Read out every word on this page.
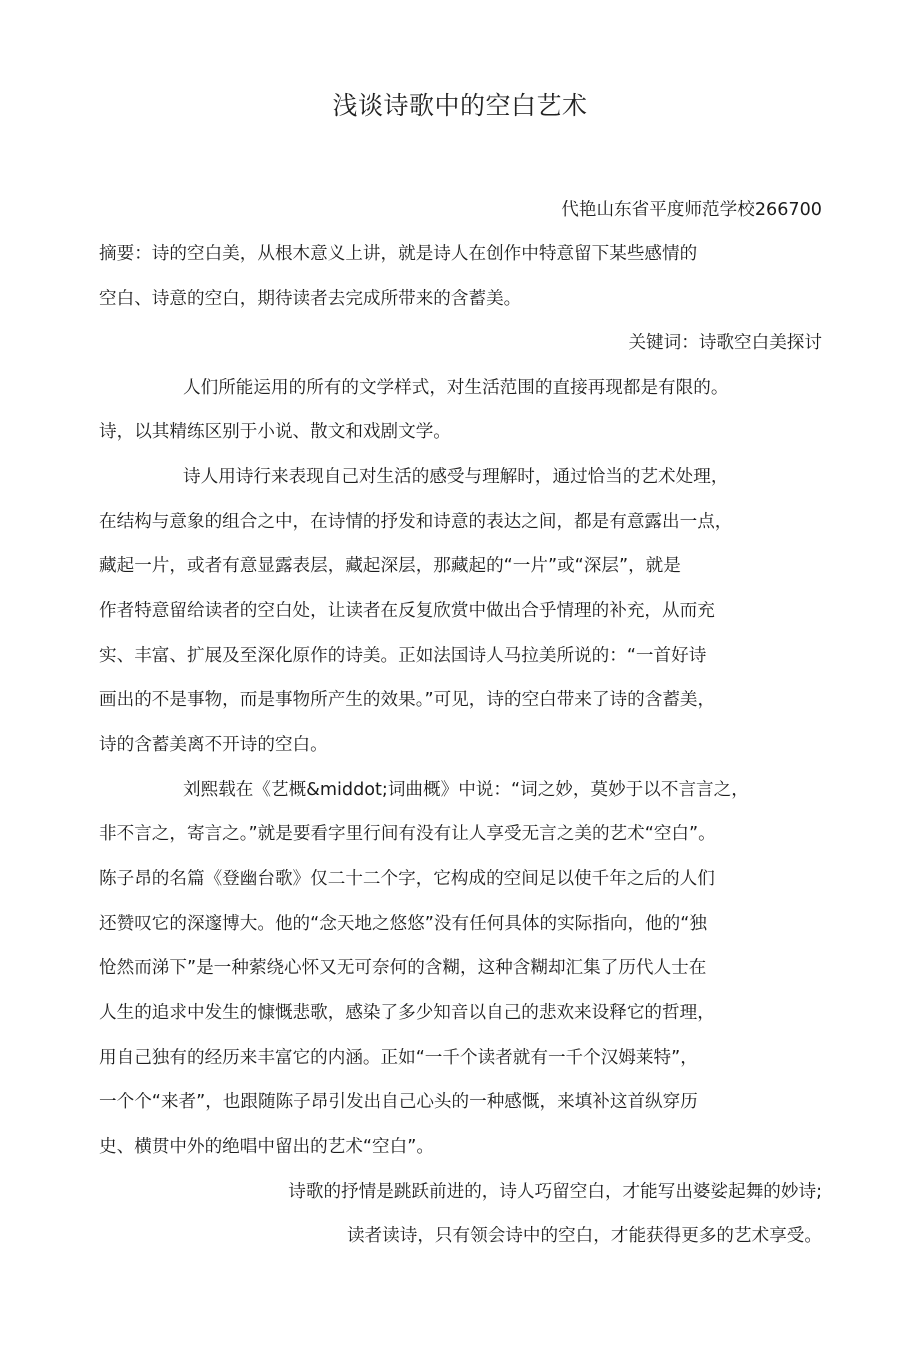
浅谈诗歌中的空白艺术
代艳山东省平度师范学校266700
摘要：诗的空白美，从根木意义上讲，就是诗人在创作中特意留下某些感情的
空白、诗意的空白，期待读者去完成所带来的含蓄美。
关键词：诗歌空白美探讨
人们所能运用的所有的文学样式，对生活范围的直接再现都是有限的。
诗，以其精练区别于小说、散文和戏剧文学。
诗人用诗行来表现自己对生活的感受与理解时，通过恰当的艺术处理，
在结构与意象的组合之中，在诗情的抒发和诗意的表达之间，都是有意露出一点，
藏起一片，或者有意显露表层，藏起深层，那藏起的“一片”或“深层”，就是
作者特意留给读者的空白处，让读者在反复欣赏中做出合乎情理的补充，从而充
实、丰富、扩展及至深化原作的诗美。正如法国诗人马拉美所说的：“一首好诗
画出的不是事物，而是事物所产生的效果。”可见，诗的空白带来了诗的含蓄美，
诗的含蓄美离不开诗的空白。
刘熙载在《艺概&middot;词曲概》中说：“词之妙，莫妙于以不言言之，
非不言之，寄言之。”就是要看字里行间有没有让人享受无言之美的艺术“空白”。
陈子昂的名篇《登幽台歌》仅二十二个字，它构成的空间足以使千年之后的人们
还赞叹它的深邃博大。他的“念天地之悠悠”没有任何具体的实际指向，他的“独
怆然而涕下”是一种萦绕心怀又无可奈何的含糊，这种含糊却汇集了历代人士在
人生的追求中发生的慷慨悲歌，感染了多少知音以自己的悲欢来设释它的哲理，
用自己独有的经历来丰富它的内涵。正如“一千个读者就有一千个汉姆莱特”，
一个个“来者”，也跟随陈子昂引发出自己心头的一种感慨，来填补这首纵穿历
史、横贯中外的绝唱中留出的艺术“空白”。
诗歌的抒情是跳跃前进的，诗人巧留空白，才能写出婆娑起舞的妙诗;
读者读诗，只有领会诗中的空白，才能获得更多的艺术享受。
